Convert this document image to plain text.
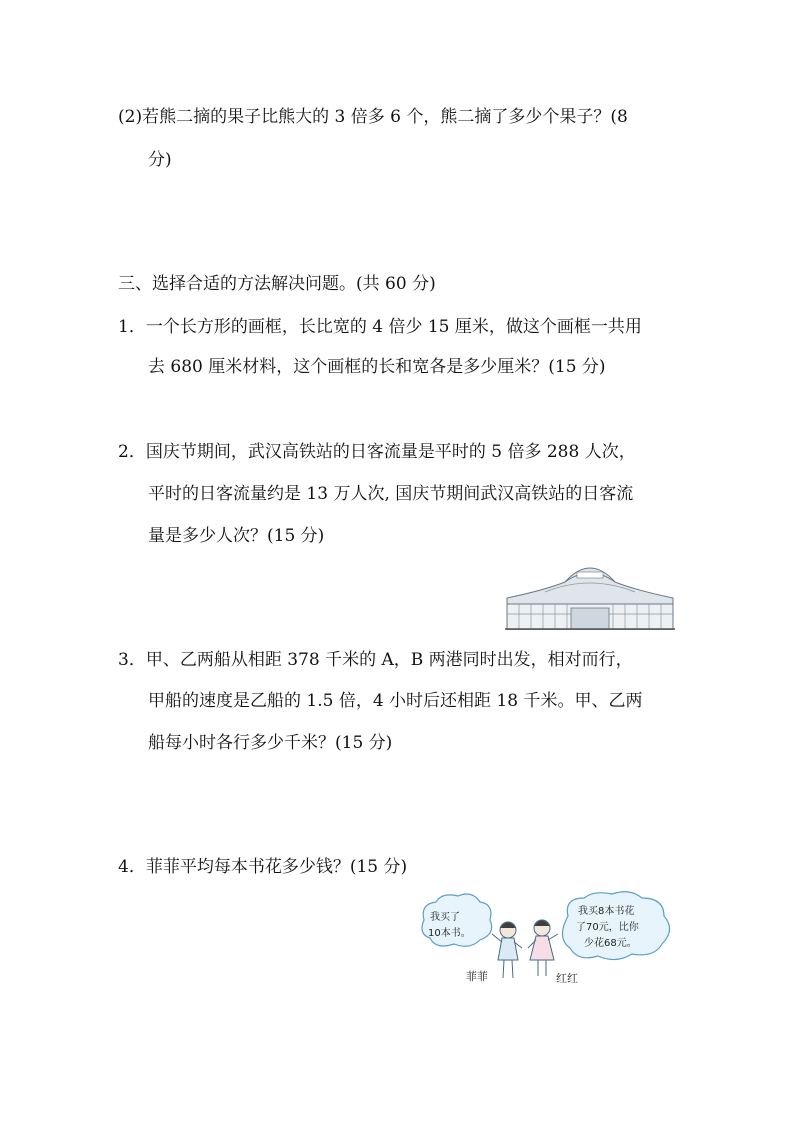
(2)若熊二摘的果子比熊大的 3 倍多 6 个，熊二摘了多少个果子？(8
分)
三、选择合适的方法解决问题。(共 60 分)
1．一个长方形的画框，长比宽的 4 倍少 15 厘米，做这个画框一共用
去 680 厘米材料，这个画框的长和宽各是多少厘米？(15 分)
2．国庆节期间，武汉高铁站的日客流量是平时的 5 倍多 288 人次，
平时的日客流量约是 13 万人次, 国庆节期间武汉高铁站的日客流
量是多少人次？(15 分)
3．甲、乙两船从相距 378 千米的 A，B 两港同时出发，相对而行，
甲船的速度是乙船的 1.5 倍，4 小时后还相距 18 千米。甲、乙两
船每小时各行多少千米？(15 分)
4．菲菲平均每本书花多少钱？(15 分)
我买了
10本书。
我买8本书花
了70元，比你
少花68元。
菲菲	红红
